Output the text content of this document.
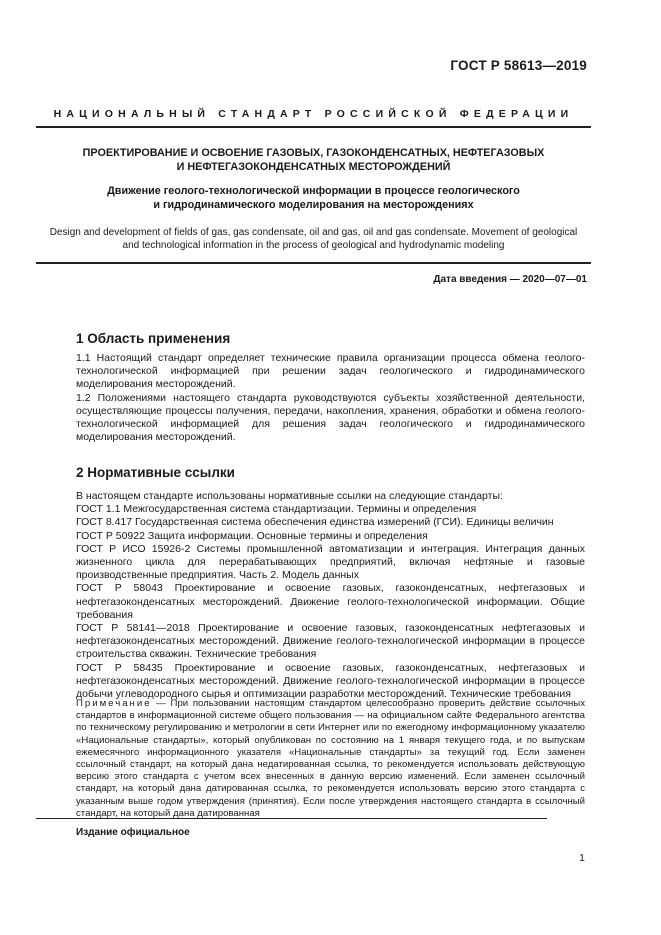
ГОСТ Р 58613—2019
НАЦИОНАЛЬНЫЙ СТАНДАРТ РОССИЙСКОЙ ФЕДЕРАЦИИ
ПРОЕКТИРОВАНИЕ И ОСВОЕНИЕ ГАЗОВЫХ, ГАЗОКОНДЕНСАТНЫХ, НЕФТЕГАЗОВЫХ
И НЕФТЕГАЗОКОНДЕНСАТНЫХ МЕСТОРОЖДЕНИЙ
Движение геолого-технологической информации в процессе геологического
и гидродинамического моделирования на месторождениях
Design and development of fields of gas, gas condensate, oil and gas, oil and gas condensate. Movement of geological
and technological information in the process of geological and hydrodynamic modeling
Дата введения — 2020—07—01
1 Область применения

1.1 Настоящий стандарт определяет технические правила организации процесса обмена геолого-технологической информацией при решении задач геологического и гидродинамического моделирования месторождений.

1.2 Положениями настоящего стандарта руководствуются субъекты хозяйственной деятельности, осуществляющие процессы получения, передачи, накопления, хранения, обработки и обмена геолого-технологической информацией для решения задач геологического и гидродинамического моделирования месторождений.

2 Нормативные ссылки
В настоящем стандарте использованы нормативные ссылки на следующие стандарты:
ГОСТ 1.1 Межгосударственная система стандартизации. Термины и определения
ГОСТ 8.417 Государственная система обеспечения единства измерений (ГСИ). Единицы величин
ГОСТ Р 50922 Защита информации. Основные термины и определения
ГОСТ Р ИСО 15926-2 Системы промышленной автоматизации и интеграция. Интеграция данных жизненного цикла для перерабатывающих предприятий, включая нефтяные и газовые производственные предприятия. Часть 2. Модель данных
ГОСТ Р 58043 Проектирование и освоение газовых, газоконденсатных, нефтегазовых и нефтегазоконденсатных месторождений. Движение геолого-технологической информации. Общие требования
ГОСТ Р 58141—2018 Проектирование и освоение газовых, газоконденсатных нефтегазовых и нефтегазоконденсатных месторождений. Движение геолого-технологической информации в процессе строительства скважин. Технические требования
ГОСТ Р 58435 Проектирование и освоение газовых, газоконденсатных, нефтегазовых и нефтегазоконденсатных месторождений. Движение геолого-технологической информации в процессе добычи углеводородного сырья и оптимизации разработки месторождений. Технические требования
Примечание — При пользовании настоящим стандартом целесообразно проверить действие ссылочных стандартов в информационной системе общего пользования — на официальном сайте Федерального агентства по техническому регулированию и метрологии в сети Интернет или по ежегодному информационному указателю «Национальные стандарты», который опубликован по состоянию на 1 января текущего года, и по выпускам ежемесячного информационного указателя «Национальные стандарты» за текущий год. Если заменен ссылочный стандарт, на который дана недатированная ссылка, то рекомендуется использовать действующую версию этого стандарта с учетом всех внесенных в данную версию изменений. Если заменен ссылочный стандарт, на который дана датированная ссылка, то рекомендуется использовать версию этого стандарта с указанным выше годом утверждения (принятия). Если после утверждения настоящего стандарта в ссылочный стандарт, на который дана датированная
Издание официальное
1
